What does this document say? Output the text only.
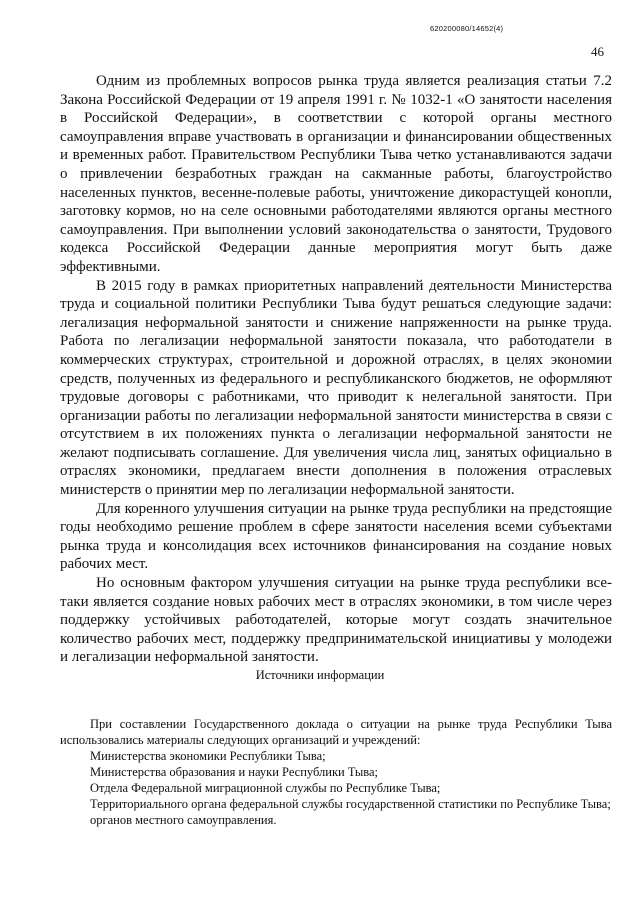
620200080/14652(4)
46

Одним из проблемных вопросов рынка труда является реализация статьи 7.2 Закона Российской Федерации от 19 апреля 1991 г. № 1032-1 «О занятости населения в Российской Федерации», в соответствии с которой органы местного самоуправления вправе участвовать в организации и финансировании общественных и временных работ. Правительством Республики Тыва четко устанавливаются задачи о привлечении безработных граждан на сакманные работы, благоустройство населенных пунктов, весенне-полевые работы, уничтожение дикорастущей конопли, заготовку кормов, но на селе основными работодателями являются органы местного самоуправления. При выполнении условий законодательства о занятости, Трудового кодекса Российской Федерации данные мероприятия могут быть даже эффективными.

В 2015 году в рамках приоритетных направлений деятельности Министерства труда и социальной политики Республики Тыва будут решаться следующие задачи: легализация неформальной занятости и снижение напряженности на рынке труда. Работа по легализации неформальной занятости показала, что работодатели в коммерческих структурах, строительной и дорожной отраслях, в целях экономии средств, полученных из федерального и республиканского бюджетов, не оформляют трудовые договоры с работниками, что приводит к нелегальной занятости. При организации работы по легализации неформальной занятости министерства в связи с отсутствием в их положениях пункта о легализации неформальной занятости не желают подписывать соглашение. Для увеличения числа лиц, занятых официально в отраслях экономики, предлагаем внести дополнения в положения отраслевых министерств о принятии мер по легализации неформальной занятости.

Для коренного улучшения ситуации на рынке труда республики на предстоящие годы необходимо решение проблем в сфере занятости населения всеми субъектами рынка труда и консолидация всех источников финансирования на создание новых рабочих мест.

Но основным фактором улучшения ситуации на рынке труда республики все-таки является создание новых рабочих мест в отраслях экономики, в том числе через поддержку устойчивых работодателей, которые могут создать значительное количество рабочих мест, поддержку предпринимательской инициативы у молодежи и легализации неформальной занятости.

Источники информации

При составлении Государственного доклада о ситуации на рынке труда Республики Тыва использовались материалы следующих организаций и учреждений:

Министерства экономики Республики Тыва;

Министерства образования и науки Республики Тыва;

Отдела Федеральной миграционной службы по Республике Тыва;

Территориального органа федеральной службы государственной статистики по Республике Тыва;

органов местного самоуправления.
